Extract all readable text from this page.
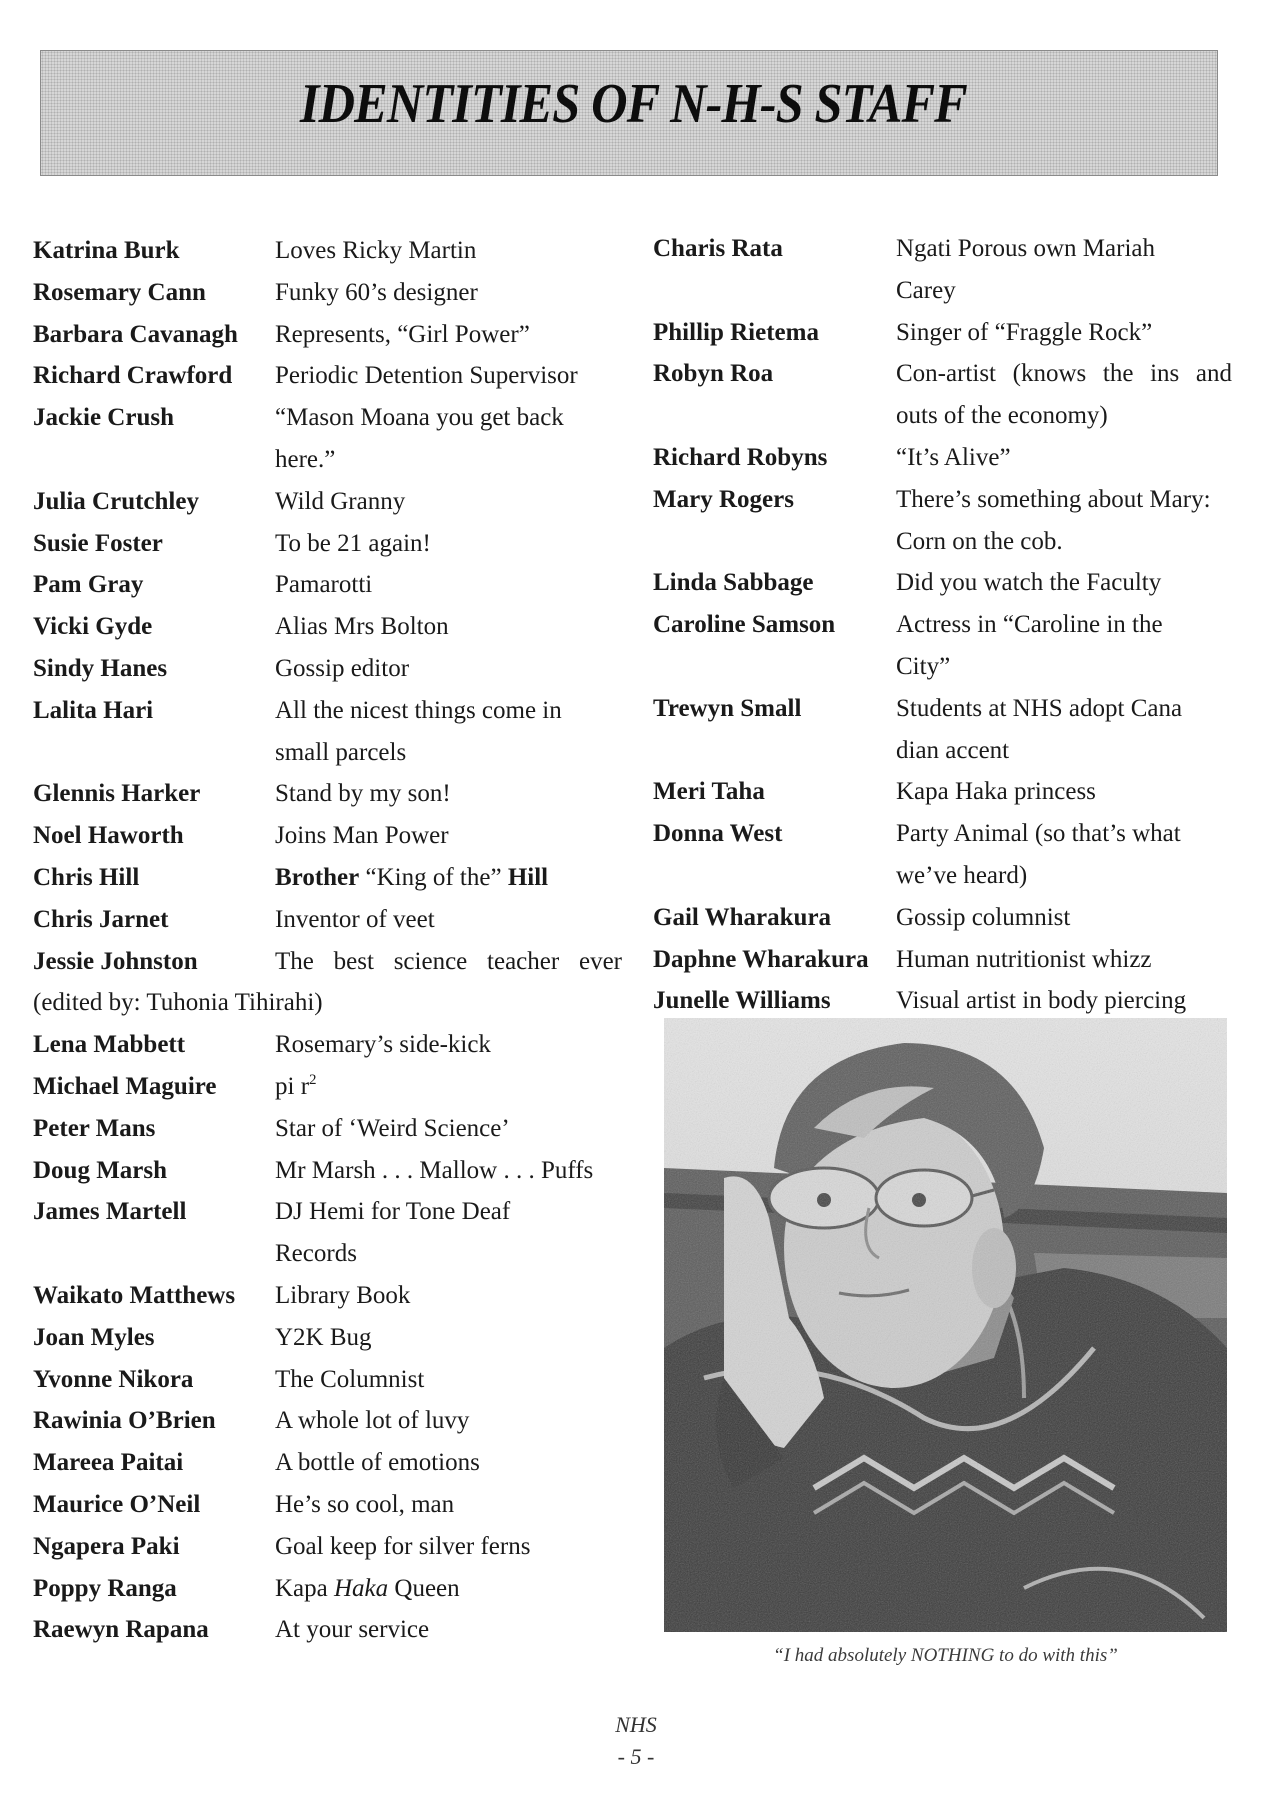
IDENTITIES OF N-H-S STAFF
Katrina Burk	Loves Ricky Martin
Rosemary Cann	Funky 60’s designer
Barbara Cavanagh Represents, “Girl Power”
Richard Crawford Periodic Detention Supervisor
Jackie Crush	“Mason Moana you get back
here.”
Julia Crutchley	Wild Granny
Susie Foster	To be 21 again!
Pam Gray	Pamarotti
Vicki Gyde	Alias Mrs Bolton
Sindy Hanes	Gossip editor
Lalita Hari	All the nicest things come in
small parcels
Glennis Harker	Stand by my son!
Noel Haworth	Joins Man Power
Chris Hill	Brother “King of the” Hill
Chris Jarnet	Inventor of veet
Jessie Johnston	The best science teacher ever
(edited by: Tuhonia Tihirahi)
Lena Mabbett	Rosemary’s side-kick
Michael Maguire pi $r^2$
Peter Mans	Star of ‘Weird Science’
Doug Marsh	Mr Marsh . . . Mallow . . . Puffs
James Martell	DJ Hemi for Tone Deaf
Records
Waikato Matthews Library Book
Joan Myles	Y2K Bug
Yvonne Nikora	The Columnist
Rawinia O’Brien A whole lot of luvy
Mareea Paitai	A bottle of emotions
Maurice O’Neil	He’s so cool, man
Ngapera Paki	Goal keep for silver ferns
Poppy Ranga	Kapa Haka Queen
Raewyn Rapana	At your service
Charis Rata	Ngati Porous own Mariah
Carey
Phillip Rietema	Singer of “Fraggle Rock”
Robyn Roa	Con-artist (knows the ins and
outs of the economy)
Richard Robyns	“It’s Alive”
Mary Rogers	There’s something about Mary:
Corn on the cob.
Linda Sabbage	Did you watch the Faculty
Caroline Samson Actress in “Caroline in the
City”
Trewyn Small	Students at NHS adopt Cana
dian accent
Meri Taha	Kapa Haka princess
Donna West	Party Animal (so that’s what
we’ve heard)
Gail Wharakura	Gossip columnist
Daphne Wharakura Human nutritionist whizz
Junelle Williams	Visual artist in body piercing
“I had absolutely NOTHING to do with this”
NHS
- 5 -
